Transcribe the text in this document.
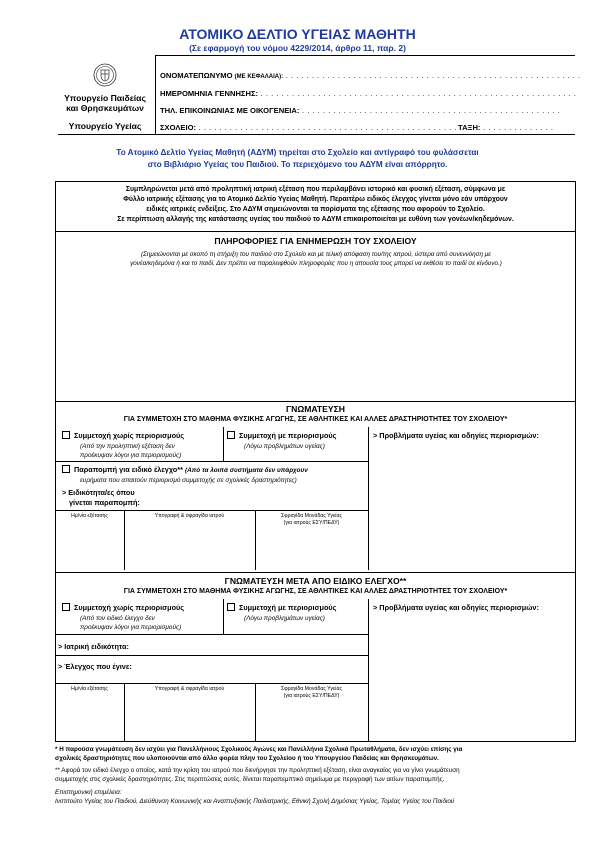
ΑΤΟΜΙΚΟ ΔΕΛΤΙΟ ΥΓΕΙΑΣ ΜΑΘΗΤΗ
(Σε εφαρμογή του νόμου 4229/2014, άρθρο 11, παρ. 2)
Υπουργείο Παιδείας
και Θρησκευμάτων
Υπουργείο Υγείας
ΟΝΟΜΑΤΕΠΩΝΥΜΟ (ΜΕ ΚΕΦΑΛΑΙΑ): . . . . . . . . . . . . . . . . . . . . . . . . . . . . . . . . . . . . . . . . . . . . . . . . . . . . . . . . .
ΗΜΕΡΟΜΗΝΙΑ ΓΕΝΝΗΣΗΣ: . . . . . . . . . . . . . . . . . . . . . . . . . . . . . . . . . . . . . . . . . . . . . . . . . . . . . . . . . . . . .
ΤΗΛ. ΕΠΙΚΟΙΝΩΝΙΑΣ ΜΕ ΟΙΚΟΓΕΝΕΙΑ: . . . . . . . . . . . . . . . . . . . . . . . . . . . . . . . . . . . . . . . . . . . . . . . . . .
ΣΧΟΛΕΙΟ: . . . . . . . . . . . . . . . . . . . . . . . . . . . . . . . . . . . . . . . . . . . . . . . . . . ΤΑΞΗ: . . . . . . . . . . . . . .
Το Ατομικό Δελτίο Υγείας Μαθητή (ΑΔΥΜ) τηρείται στο Σχολείο και αντίγραφό του φυλάσσεται
στο Βιβλιάριο Υγείας του Παιδιού. Το περιεχόμενο του ΑΔΥΜ είναι απόρρητο.
Συμπληρώνεται μετά από προληπτική ιατρική εξέταση που περιλαμβάνει ιστορικό και φυσική εξέταση, σύμφωνα με
Φύλλο ιατρικής εξέτασης για το Ατομικό Δελτίο Υγείας Μαθητή. Περαιτέρω ειδικός έλεγχος γίνεται μόνο εάν υπάρχουν
ειδικές ιατρικές ενδείξεις. Στο ΑΔΥΜ σημειώνονται τα πορίσματα της εξέτασης που αφορούν το Σχολείο.
Σε περίπτωση αλλαγής της κατάστασης υγείας του παιδιού το ΑΔΥΜ επικαιροποιείται με ευθύνη των γονέων/κηδεμόνων.
ΠΛΗΡΟΦΟΡΙΕΣ ΓΙΑ ΕΝΗΜΕΡΩΣΗ ΤΟΥ ΣΧΟΛΕΙΟΥ
(Σημειώνονται με σκοπό τη στήριξη του παιδιού στο Σχολείο και με τελική απόφαση του/της ιατρού, ύστερα από συνεννόηση με
γονέα/κηδεμόνα ή και το παιδί. Δεν πρέπει να παραλειφθούν πληροφορίες που η απουσία τους μπορεί να εκθέσει το παιδί σε κίνδυνο.)
ΓΝΩΜΑΤΕΥΣΗ
ΓΙΑ ΣΥΜΜΕΤΟΧΗ ΣΤΟ ΜΑΘΗΜΑ ΦΥΣΙΚΗΣ ΑΓΩΓΗΣ, ΣΕ ΑΘΛΗΤΙΚΕΣ ΚΑΙ ΑΛΛΕΣ ΔΡΑΣΤΗΡΙΟΤΗΤΕΣ ΤΟΥ ΣΧΟΛΕΙΟΥ*
Συμμετοχή χωρίς περιορισμούς
(Από την προληπτική εξέταση δεν
προέκυψαν λόγοι για περιορισμούς)
Συμμετοχή με περιορισμούς
(Λόγω προβλημάτων υγείας)
> Προβλήματα υγείας και οδηγίες περιορισμών:
Παραπομπή για ειδικό έλεγχο** (Από τα λοιπά συστήματα δεν υπάρχουν
ευρήματα που απαιτούν περιορισμό συμμετοχής σε σχολικές δραστηριότητες)
> Ειδικότητα/ες όπου
γίνεται παραπομπή:
Ημ/νία εξέτασης	Υπογραφή & σφραγίδα ιατρού	Σφραγίδα Μονάδας Υγείας
(για ιατρούς ΕΣΥ/ΠΕΔΥ)
ΓΝΩΜΑΤΕΥΣΗ ΜΕΤΑ ΑΠΟ ΕΙΔΙΚΟ ΕΛΕΓΧΟ**
ΓΙΑ ΣΥΜΜΕΤΟΧΗ ΣΤΟ ΜΑΘΗΜΑ ΦΥΣΙΚΗΣ ΑΓΩΓΗΣ, ΣΕ ΑΘΛΗΤΙΚΕΣ ΚΑΙ ΑΛΛΕΣ ΔΡΑΣΤΗΡΙΟΤΗΤΕΣ ΤΟΥ ΣΧΟΛΕΙΟΥ*
Συμμετοχή χωρίς περιορισμούς
(Από τον ειδικό έλεγχο δεν
προέκυψαν λόγοι για περιορισμούς)
Συμμετοχή με περιορισμούς
(Λόγω προβλημάτων υγείας)
> Προβλήματα υγείας και οδηγίες περιορισμών:
> Ιατρική ειδικότητα:
> Έλεγχος που έγινε:
Ημ/νία εξέτασης	Υπογραφή & σφραγίδα ιατρού	Σφραγίδα Μονάδας Υγείας
(για ιατρούς ΕΣΥ/ΠΕΔΥ)
* Η παρούσα γνωμάτευση δεν ισχύει για Πανελλήνιους Σχολικούς Αγώνες και Πανελλήνια Σχολικά Πρωταθλήματα, δεν ισχύει επίσης για
σχολικές δραστηριότητες που υλοποιούνται από άλλο φορέα πλην του Σχολείου ή του Υπουργείου Παιδείας και Θρησκευμάτων.
** Αφορά τον ειδικό έλεγχο ο οποίος, κατά την κρίση του ιατρού που διενήργησε την προληπτική εξέταση, είναι αναγκαίος για να γίνει γνωμάτευση
συμμετοχής στις σχολικές δραστηριότητες. Στις περιπτώσεις αυτές, δίνεται παραπεμπτικό σημείωμα με περιγραφή των αιτίων παραπομπής.
Επιστημονική επιμέλεια:
Ινστιτούτο Υγείας του Παιδιού, Διεύθυνση Κοινωνικής και Αναπτυξιακής Παιδιατρικής, Εθνική Σχολή Δημόσιας Υγείας, Τομέας Υγείας του Παιδιού
